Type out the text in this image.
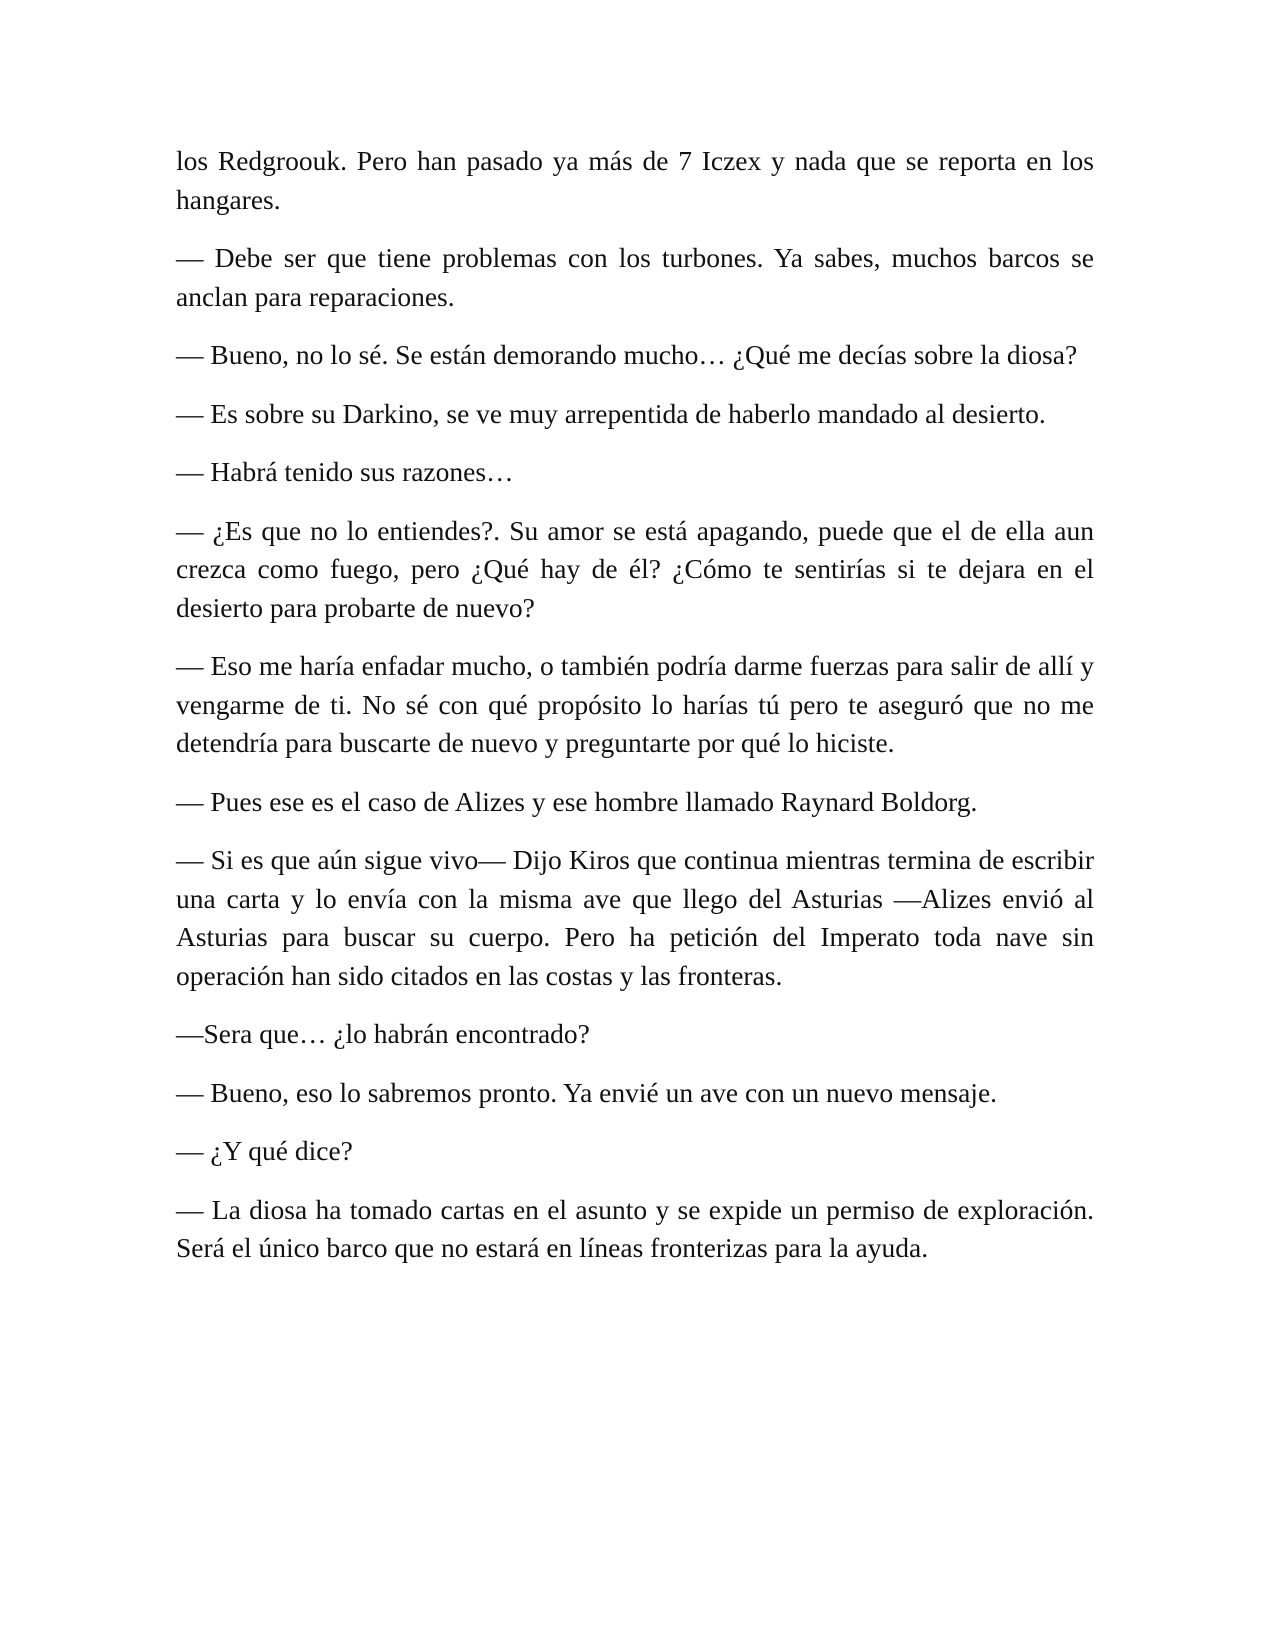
los Redgroouk. Pero han pasado ya más de 7 Iczex y nada que se reporta en los hangares.

— Debe ser que tiene problemas con los turbones. Ya sabes, muchos barcos se anclan para reparaciones.

— Bueno, no lo sé. Se están demorando mucho… ¿Qué me decías sobre la diosa?

— Es sobre su Darkino, se ve muy arrepentida de haberlo mandado al desierto.

— Habrá tenido sus razones…

— ¿Es que no lo entiendes?. Su amor se está apagando, puede que el de ella aun crezca como fuego, pero ¿Qué hay de él? ¿Cómo te sentirías si te dejara en el desierto para probarte de nuevo?

— Eso me haría enfadar mucho, o también podría darme fuerzas para salir de allí y vengarme de ti. No sé con qué propósito lo harías tú pero te aseguró que no me detendría para buscarte de nuevo y preguntarte por qué lo hiciste.

— Pues ese es el caso de Alizes y ese hombre llamado Raynard Boldorg.

— Si es que aún sigue vivo— Dijo Kiros que continua mientras termina de escribir una carta y lo envía con la misma ave que llego del Asturias —Alizes envió al Asturias para buscar su cuerpo. Pero ha petición del Imperato toda nave sin operación han sido citados en las costas y las fronteras.

—Sera que… ¿lo habrán encontrado?

— Bueno, eso lo sabremos pronto. Ya envié un ave con un nuevo mensaje.

— ¿Y qué dice?

— La diosa ha tomado cartas en el asunto y se expide un permiso de exploración. Será el único barco que no estará en líneas fronterizas para la ayuda.
